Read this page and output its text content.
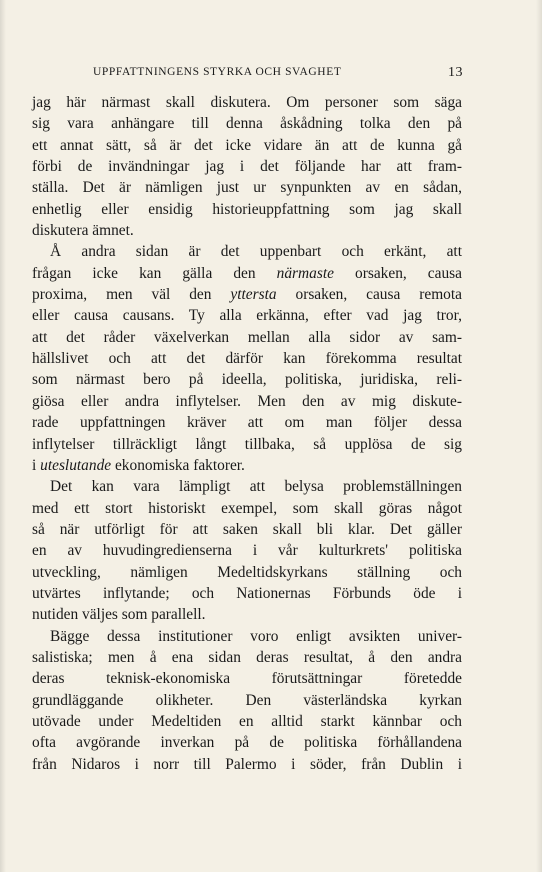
UPPFATTNINGENS STYRKA OCH SVAGHET	13
jag här närmast skall diskutera. Om personer som säga
sig vara anhängare till denna åskådning tolka den på
ett annat sätt, så är det icke vidare än att de kunna gå
förbi de invändningar jag i det följande har att fram-
ställa. Det är nämligen just ur synpunkten av en sådan,
enhetlig eller ensidig historieuppfattning som jag skall
diskutera ämnet.
Å andra sidan är det uppenbart och erkänt, att
frågan icke kan gälla den närmaste orsaken, causa
proxima, men väl den yttersta orsaken, causa remota
eller causa causans. Ty alla erkänna, efter vad jag tror,
att det råder växelverkan mellan alla sidor av sam-
hällslivet och att det därför kan förekomma resultat
som närmast bero på ideella, politiska, juridiska, reli-
giösa eller andra inflytelser. Men den av mig diskute-
rade uppfattningen kräver att om man följer dessa
inflytelser tillräckligt långt tillbaka, så upplösa de sig
i uteslutande ekonomiska faktorer.
Det kan vara lämpligt att belysa problemställningen
med ett stort historiskt exempel, som skall göras något
så när utförligt för att saken skall bli klar. Det gäller
en av huvudingredienserna i vår kulturkrets' politiska
utveckling, nämligen Medeltidskyrkans ställning och
utvärtes inflytande; och Nationernas Förbunds öde i
nutiden väljes som parallell.
Bägge dessa institutioner voro enligt avsikten univer-
salistiska; men å ena sidan deras resultat, å den andra
deras teknisk-ekonomiska förutsättningar företedde
grundläggande olikheter. Den västerländska kyrkan
utövade under Medeltiden en alltid starkt kännbar och
ofta avgörande inverkan på de politiska förhållandena
från Nidaros i norr till Palermo i söder, från Dublin i
